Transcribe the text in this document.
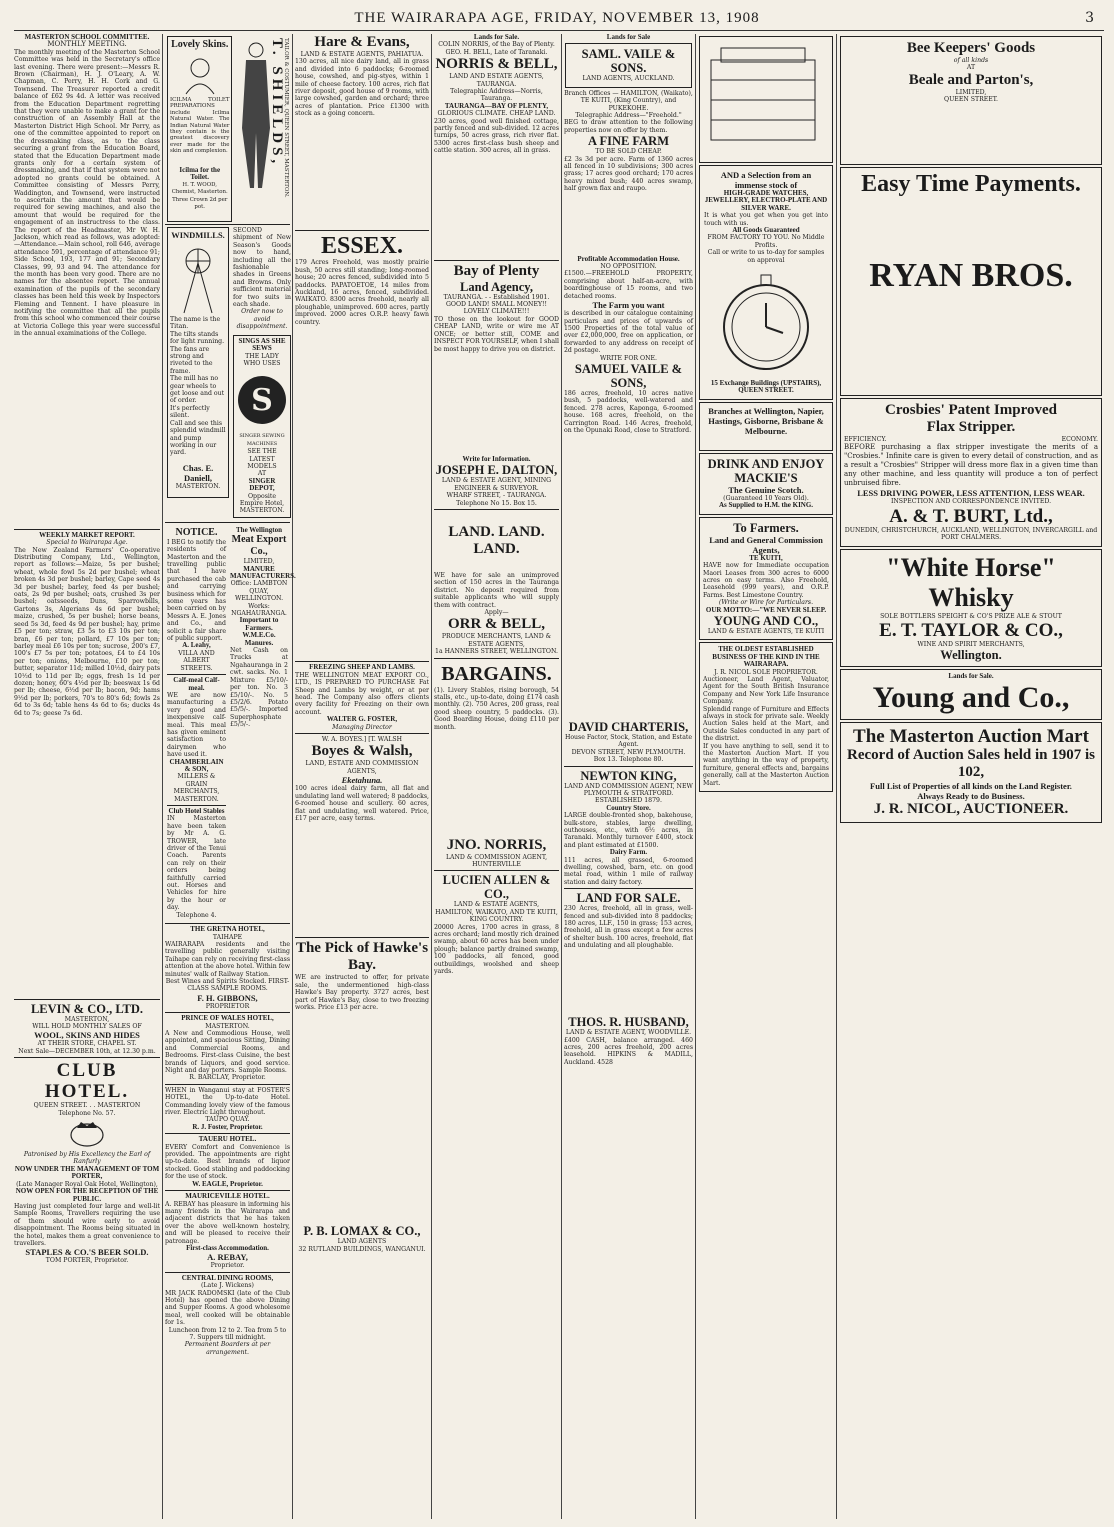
THE WAIRARAPA AGE, FRIDAY, NOVEMBER 13, 1908	3
MASTERTON SCHOOL COMMITTEE.
MONTHLY MEETING.
The monthly meeting of the Masterton School Committee was held in the Secretary's office last evening. There were present:—Messrs R. Brown (Chairman), H. J. O'Leary, A. W. Chapman, C. Perry, H. H. Cork and G. Townsend. The Treasurer reported a credit balance of £62 9s 4d. A letter was received from the Education Department regretting that they were unable to make a grant for the construction of an Assembly Hall at the Masterton District High School. Mr Perry, as one of the committee appointed to report on the dressmaking class, as to the class securing a grant from the Education Board, stated that the Education Department made grants only for a certain system of dressmaking, and that if that system were not adopted no grants could be obtained. A Committee consisting of Messrs Perry, Waddington, and Townsend, were instructed to ascertain the amount that would be required for sewing machines, and also the amount that would be required for the engagement of an instructress to the class. The report of the Headmaster, Mr W. H. Jackson, which read as follows, was adopted:—Attendance.—Main school, roll 646, average attendance 591, percentage of attendance 91; Side School, 193, 177 and 91; Secondary Classes, 99, 93 and 94. The attendance for the month has been very good. There are no names for the absentee report. The annual examination of the pupils of the secondary classes has been held this week by Inspectors Fleming and Tennent. I have pleasure in notifying the committee that all the pupils from this school who commenced their course at Victoria College this year were successful in the annual examinations of the College.
WEEKLY MARKET REPORT.
Special to Wairarapa Age.
The New Zealand Farmers' Co-operative Distributing Company, Ltd., Wellington, report as follows:—Maize, 5s per bushel; wheat, whole fowl 5s 2d per bushel; wheat broken 4s 3d per bushel; barley, Cape seed 4s 3d per bushel; barley, feed 4s per bushel; oats, 2s 9d per bushel; oats, crushed 3s per bushel; oatsseeds, Duns, Sparrowbills, Gartons 3s, Algerians 4s 6d per bushel; maize, crushed, 5s per bushel; horse beans, seed 5s 3d, feed 4s 9d per bushel; hay, prime £5 per ton; straw, £3 5s to £3 10s per ton; bran, £6 per ton; pollard, £7 10s per ton; barley meal £6 10s per ton; sucrose, 200's £7, 100's £7 5s per ton; potatoes, £4 to £4 10s per ton; onions, Melbourne, £10 per ton; butter, separator 11d; milled 10½d, dairy pats 10½d to 11d per lb; eggs, fresh 1s 1d per dozen; honey, 60's 4½d per lb; beeswax 1s 6d per lb; cheese, 6½d per lb; bacon, 9d; hams 9½d per lb; porkers, 70's to 80's 6d; fowls 2s 6d to 3s 6d; table hens 4s 6d to 6s; ducks 4s 6d to 7s; geese 7s 6d.
LEVIN & CO., LTD.
MASTERTON,
WILL HOLD MONTHLY SALES OF
WOOL, SKINS AND HIDES
AT THEIR STORE, CHAPEL ST.
Next Sale—DECEMBER 10th, at 12.30 p.m.
CLUB HOTEL.
QUEEN STREET. . . MASTERTON
Telephone No. 57.
Patronised by His Excellency the Earl of Ranfurly
NOW UNDER THE MANAGEMENT OF TOM PORTER,
(Late Manager Royal Oak Hotel, Wellington),
NOW OPEN FOR THE RECEPTION OF THE PUBLIC.
Having just completed four large and well-lit Sample Rooms, Travellers requiring the use of them should wire early to avoid disappointment. The Rooms being situated in the hotel, makes them a great convenience to travellers.
STAPLES & CO.'S BEER SOLD.
TOM PORTER, Proprietor.
Lovely Skins.
ICILMA TOILET PREPARATIONS include Icilma Natural Water. The Indian Natural Water they contain is the greatest discovery ever made for the skin and complexion.
Icilma for the Toilet.
H. T. WOOD, Chemist, Masterton. Three Crown 2d per pot.
T. SHIELDS,
TAILOR & COSTUMIER, QUEEN STREET, MASTERTON.
WINDMILLS.
The name is the Titan.
The tilts stands for light running.
The fans are strong and riveted to the frame.
The mill has no gear wheels to get loose and out of order.
It's perfectly silent.
Call and see this splendid windmill and pump working in our yard.
Chas. E. Daniell,
MASTERTON.
SECOND shipment of New Season's Goods now to hand, including all the fashionable shades in Greens and Browns. Only sufficient material for two suits in each shade.
Order now to avoid disappointment.
SINGS AS SHE SEWS
THE LADY WHO USES
S
SINGER SEWING MACHINES
SEE THE LATEST MODELS
AT
SINGER DEPOT,
Opposite Empire Hotel, MASTERTON.
NOTICE.
I BEG to notify the residents of Masterton and the travelling public that I have purchased the cab and carrying business which for some years has been carried on by Messrs A. E. Jones and Co., and solicit a fair share of public support.
A. Leahy,
VILLA AND ALBERT STREETS.
Calf-meal Calf-meal.
WE are now manufacturing a very good and inexpensive calf-meal. This meal has given eminent satisfaction to dairymen who have used it.
CHAMBERLAIN & SON,
MILLERS & GRAIN MERCHANTS, MASTERTON.
Club Hotel Stables
IN Masterton have been taken by Mr A. G. TROWER, late driver of the Tenui Coach. Parents can rely on their orders being faithfully carried out. Horses and Vehicles for hire by the hour or day.
Telephone 4.
The Wellington
Meat Export Co.,
LIMITED,
MANURE MANUFACTURERS.
Office: LAMBTON QUAY, WELLINGTON. Works: NGAHAURANGA.
Important to Farmers.
W.M.E.Co. Manures.
Net Cash on Trucks at Ngahauranga in 2 cwt. sacks. No. 1 Mixture £5/10/- per ton. No. 3 £5/10/-. No. 5 £5/2/6. Potato £5/5/-. Imported Superphosphate £5/5/-.
THE GRETNA HOTEL,
TAIHAPE
WAIRARAPA residents and the travelling public generally visiting Taihape can rely on receiving first-class attention at the above hotel. Within few minutes' walk of Railway Station.
Best Wines and Spirits Stocked. FIRST-CLASS SAMPLE ROOMS.
F. H. GIBBONS,
PROPRIETOR
PRINCE OF WALES HOTEL,
MASTERTON.
A New and Commodious House, well appointed, and spacious Sitting, Dining and Commercial Rooms, and Bedrooms. First-class Cuisine, the best brands of Liquors, and good service. Night and day porters. Sample Rooms.
R. BARCLAY, Proprietor.
WHEN in Wanganui stay at FOSTER'S HOTEL, the Up-to-date Hotel. Commanding lovely view of the famous river. Electric Light throughout.
TAUPO QUAY.
R. J. Foster, Proprietor.
TAUERU HOTEL.
EVERY Comfort and Convenience is provided. The appointments are right up-to-date. Best brands of liquor stocked. Good stabling and paddocking for the use of stock.
W. EAGLE, Proprietor.
MAURICEVILLE HOTEL.
A. REBAY has pleasure in informing his many friends in the Wairarapa and adjacent districts that he has taken over the above well-known hostelry, and will be pleased to receive their patronage.
First-class Accommodation.
A. REBAY,
Proprietor.
CENTRAL DINING ROOMS,
(Late J. Wickens)
MR JACK RADOMSKI (late of the Club Hotel) has opened the above Dining and Supper Rooms. A good wholesome meal, well cooked will be obtainable for 1s.
Luncheon from 12 to 2. Tea from 5 to 7. Suppers till midnight.
Permanent Boarders at per arrangement.
Hare & Evans,
LAND & ESTATE AGENTS, PAHIATUA.
130 acres, all nice dairy land, all in grass and divided into 6 paddocks; 6-roomed house, cowshed, and pig-styes, within 1 mile of cheese factory. 100 acres, rich flat river deposit, good house of 9 rooms, with large cowshed, garden and orchard; three acres of plantation. Price £1300 with stock as a going concern.
ESSEX.
179 Acres Freehold, was mostly prairie bush, 50 acres still standing; long-roomed house; 20 acres fenced, subdivided into 5 paddocks. PAPATOETOE, 14 miles from Auckland, 16 acres, fenced, subdivided. WAIKATO. 8300 acres freehold, nearly all ploughable, unimproved. 600 acres, partly improved. 2000 acres O.R.P. heavy fawn country.
FREEZING SHEEP AND LAMBS.
THE WELLINGTON MEAT EXPORT CO., LTD., IS PREPARED TO PURCHASE Fat Sheep and Lambs by weight, or at per head. The Company also offers clients every facility for Freezing on their own account.
WALTER G. FOSTER,
Managing Director
W. A. BOYES.] [T. WALSH
Boyes & Walsh,
LAND, ESTATE AND COMMISSION AGENTS,
Eketahuna.
100 acres ideal dairy farm, all flat and undulating land well watered; 8 paddocks, 6-roomed house and scullery. 60 acres, flat and undulating, well watered. Price, £17 per acre, easy terms.
The Pick of Hawke's Bay.
WE are instructed to offer, for private sale, the undermentioned high-class Hawke's Bay property. 3727 acres, best part of Hawke's Bay, close to two freezing works. Price £13 per acre.
P. B. LOMAX & CO.,
LAND AGENTS
32 RUTLAND BUILDINGS, WANGANUI.
Lands for Sale.
COLIN NORRIS, of the Bay of Plenty. GEO. H. BELL, Late of Taranaki.
NORRIS & BELL,
LAND AND ESTATE AGENTS, TAURANGA.
Telegraphic Address—Norris, Tauranga.
TAURANGA—BAY OF PLENTY,
GLORIOUS CLIMATE. CHEAP LAND.
230 acres, good well finished cottage, partly fenced and sub-divided. 12 acres turnips, 50 acres grass, rich river flat. 5300 acres first-class bush sheep and cattle station. 300 acres, all in grass.
Bay of Plenty
Land Agency,
TAURANGA. - - Established 1901.
GOOD LAND! SMALL MONEY!! LOVELY CLIMATE!!!
TO those on the lookout for GOOD CHEAP LAND, write or wire me AT ONCE; or better still, COME and INSPECT FOR YOURSELF, when I shall be most happy to drive you on district.
Write for Information.
JOSEPH E. DALTON,
LAND & ESTATE AGENT, MINING ENGINEER & SURVEYOR.
WHARF STREET, - TAURANGA. Telephone No 15. Box 15.
LAND. LAND. LAND.
WE have for sale an unimproved section of 150 acres in the Tauranga district. No deposit required from suitable applicants who will supply them with contract.
Apply—
ORR & BELL,
PRODUCE MERCHANTS, LAND & ESTATE AGENTS,
1a HANNERS STREET, WELLINGTON.
BARGAINS.
(1). Livery Stables, rising borough, 54 stalls, etc., up-to-date, doing £174 cash monthly. (2). 750 Acres, 200 grass, real good sheep country, 5 paddocks. (3). Good Boarding House, doing £110 per month.
JNO. NORRIS,
LAND & COMMISSION AGENT,
HUNTERVILLE
LUCIEN ALLEN & CO.,
LAND & ESTATE AGENTS, HAMILTON, WAIKATO, AND TE KUITI, KING COUNTRY.
20000 Acres, 1700 acres in grass, 8 acres orchard; land mostly rich drained swamp, about 60 acres has been under plough; balance partly drained swamp, 100 paddocks, all fenced, good outbuildings, woolshed and sheep yards.
Lands for Sale
SAML. VAILE & SONS.
LAND AGENTS, AUCKLAND.
Branch Offices — HAMILTON, (Waikato), TE KUITI, (King Country), and PUKEKOHE.
Telegraphic Address—"Freehold."
BEG to draw attention to the following properties now on offer by them.
A FINE FARM
TO BE SOLD CHEAP.
£2 3s 3d per acre. Farm of 1360 acres all fenced in 10 subdivisions; 300 acres grass; 17 acres good orchard; 170 acres heavy mixed bush; 440 acres swamp, half grown flax and raupo.
Profitable Accommodation House.
NO OPPOSITION.
£1500.—FREEHOLD PROPERTY, comprising about half-an-acre, with boardinghouse of 15 rooms, and two detached rooms.
The Farm you want
is described in our catalogue containing particulars and prices of upwards of 1500 Properties of the total value of over £2,000,000, free on application, or forwarded to any address on receipt of 2d postage.
WRITE FOR ONE.
SAMUEL VAILE & SONS,
186 acres, freehold, 10 acres native bush, 5 paddocks, well-watered and fenced. 278 acres, Kaponga, 6-roomed house. 168 acres, freehold, on the Carrington Road. 146 Acres, freehold, on the Opunaki Road, close to Stratford.
DAVID CHARTERIS,
House Factor, Stock, Station, and Estate Agent.
DEVON STREET, NEW PLYMOUTH.
Box 13. Telephone 80.
NEWTON KING,
LAND AND COMMISSION AGENT, NEW PLYMOUTH & STRATFORD.
ESTABLISHED 1879.
Country Store.
LARGE double-fronted shop, bakehouse, bulk-store, stables, large dwelling, outhouses, etc., with 6½ acres, in Taranaki. Monthly turnover £400, stock and plant estimated at £1500.
Dairy Farm.
111 acres, all grassed, 6-roomed dwelling, cowshed, barn, etc. on good metal road, within 1 mile of railway station and dairy factory.
LAND FOR SALE.
230 Acres, freehold, all in grass, well-fenced and sub-divided into 8 paddocks; 180 acres, LLF., 150 in grass; 153 acres, freehold, all in grass except a few acres of shelter bush. 100 acres, freehold, flat and undulating and all ploughable.
THOS. R. HUSBAND,
LAND & ESTATE AGENT, WOODVILLE.
£400 CASH, balance arranged. 460 acres, 200 acres freehold, 200 acres leasehold. HIPKINS & MADILL, Auckland. 4528
AND a Selection from an immense stock of
HIGH-GRADE WATCHES, JEWELLERY, ELECTRO-PLATE AND SILVER WARE.
It is what you get when you get into touch with us.
All Goods Guaranteed
FROM FACTORY TO YOU. No Middle Profits.
Call or write to us to-day for samples on approval
15 Exchange Buildings (UPSTAIRS), QUEEN STREET.
Branches at Wellington, Napier, Hastings, Gisborne, Brisbane & Melbourne.
DRINK AND ENJOY
MACKIE'S
The Genuine Scotch.
(Guaranteed 10 Years Old).
As Supplied to H.M. the KING.
To Farmers.
Land and General Commission Agents,
TE KUITI,
HAVE now for Immediate occupation Maori Leases from 300 acres to 6000 acres on easy terms. Also Freehold, Leasehold (999 years), and O.R.P. Farms. Best Limestone Country.
(Write or Wire for Particulars.
OUR MOTTO:—"WE NEVER SLEEP.
YOUNG AND CO.,
LAND & ESTATE AGENTS, TE KUITI
THE OLDEST ESTABLISHED BUSINESS OF THE KIND IN THE WAIRARAPA.
J. R. NICOL SOLE PROPRIETOR.
Auctioneer, Land Agent, Valuator, Agent for the South British Insurance Company and New York Life Insurance Company.
Splendid range of Furniture and Effects always in stock for private sale. Weekly Auction Sales held at the Mart, and Outside Sales conducted in any part of the district.
If you have anything to sell, send it to the Masterton Auction Mart. If you want anything in the way of property, furniture, general effects and, bargains generally, call at the Masterton Auction Mart.
Bee Keepers' Goods
of all kinds
AT
Beale and Parton's,
LIMITED,
QUEEN STREET.
Easy Time Payments.
RYAN BROS.
Crosbies' Patent Improved
Flax Stripper.
EFFICIENCY.	ECONOMY.
BEFORE purchasing a flax stripper investigate the merits of a "Crosbies." Infinite care is given to every detail of construction, and as a result a "Crosbies" Stripper will dress more flax in a given time than any other machine, and less quantity will produce a ton of perfect unbruised fibre.
LESS DRIVING POWER, LESS ATTENTION, LESS WEAR.
INSPECTION AND CORRESPONDENCE INVITED.
A. & T. BURT, Ltd.,
DUNEDIN, CHRISTCHURCH, AUCKLAND, WELLINGTON, INVERCARGILL and PORT CHALMERS.
"White Horse" Whisky
SOLE BOTTLERS SPEIGHT & CO'S PRIZE ALE & STOUT
E. T. TAYLOR & CO.,
WINE AND SPIRIT MERCHANTS,
Wellington.
Lands for Sale.
Young and Co.,
The Masterton Auction Mart
Record of Auction Sales held in 1907 is 102,
Full List of Properties of all kinds on the Land Register.
Always Ready to do Business.
J. R. NICOL, AUCTIONEER.
